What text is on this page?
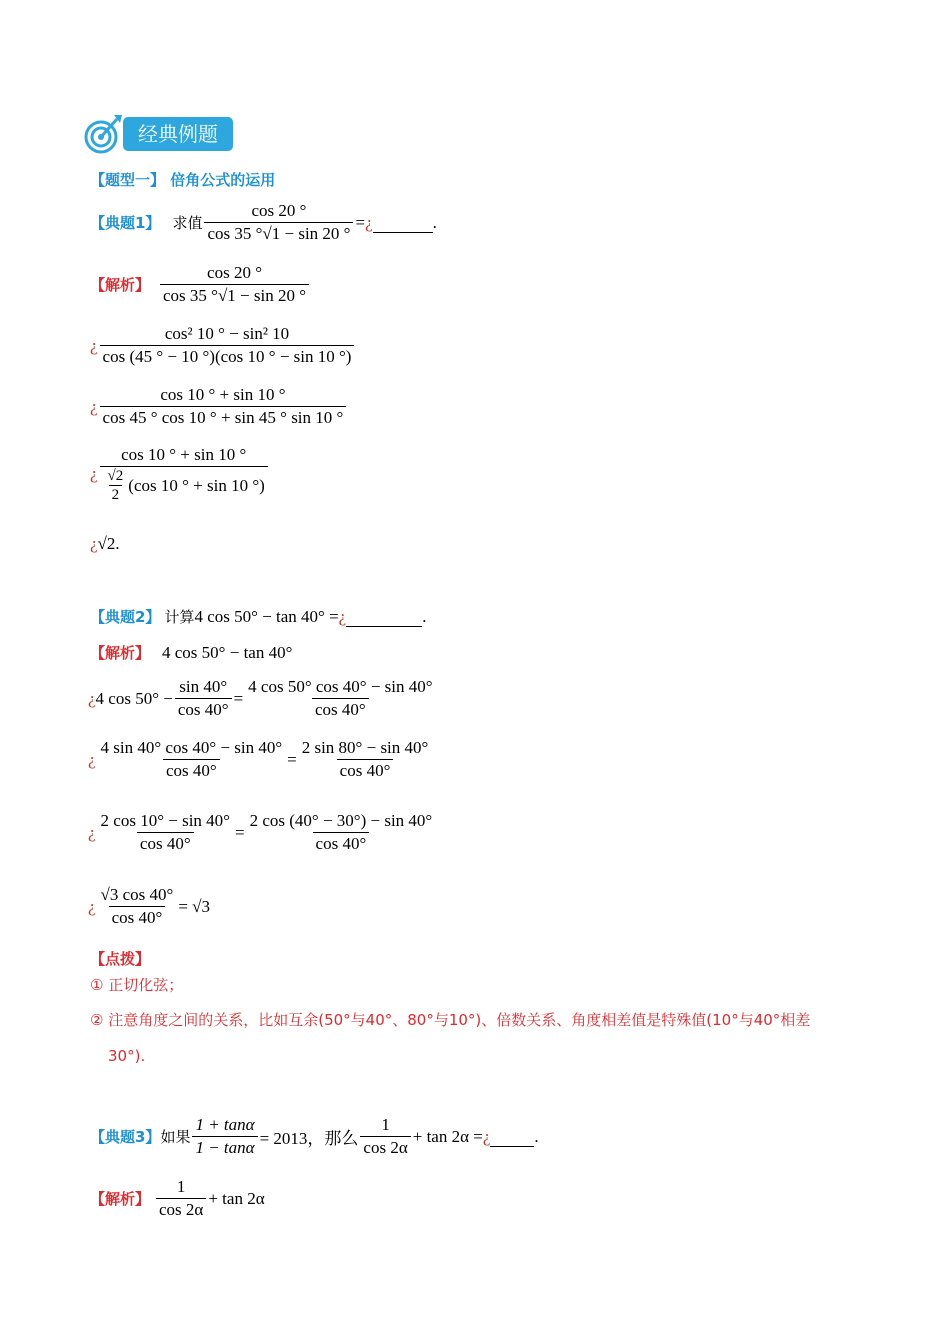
经典例题
【题型一】 倍角公式的运用
【典题1】 求值 $\frac{\cos 20 ^\circ}{\cos 35 ^\circ√1 - \sin 20 ^\circ}$ = ¿	.
【解析】 $\frac{\cos 20 ^\circ}{\cos 35 ^\circ√1 - \sin 20 ^\circ}$
¿ $\frac{\text{cos² 10 ° − sin² 10}}{\cos (45 ^\circ - 10 ^\circ)(\cos 10 ^\circ - \sin 10 ^\circ)}$
¿ $\frac{\cos 10 ^\circ + \sin 10 ^\circ}{\cos 45 ^\circ \cos 10 ^\circ + \sin 45 ^\circ \sin 10 ^\circ}$
¿ $\frac{\cos 10 ^\circ + \sin 10 ^\circ}{\frac{√2}{2} (\cos 10 ^\circ + \sin 10 ^\circ)}$
¿ √2.
【典题2】 计算 4 cos 50° − tan 40° = ¿	.
【解析】 4 cos 50° − tan 40°
¿ 4 $\cos 50^\circ - \frac{\sin 40^\circ}{\cos 40^\circ} = \frac{4 \cos 50^\circ \cos 40^\circ - \sin 40^\circ}{\cos 40^\circ}$
¿ $\frac{4 \sin 40^\circ \cos 40^\circ - \sin 40^\circ}{\cos 40^\circ} = \frac{2 \sin 80^\circ - \sin 40^\circ}{\cos 40^\circ}$
¿ $\frac{2 \cos 10^\circ - \sin 40^\circ}{\cos 40^\circ} = \frac{2 \cos (40^\circ - 30^\circ) - \sin 40^\circ}{\cos 40^\circ}$
¿ $\frac{√3 \cos 40^\circ}{\cos 40^\circ} = √3$
【点拨】
① 正切化弦；
② 注意角度之间的关系，比如互余(50°与40°、80°与10°)、倍数关系、角度相差值是特殊值(10°与40°相差
30°).
【典题3】 如果 $\frac{1 + \tan\alpha}{1 - \tan\alpha} = 2013$，那么 $\frac{1}{\cos 2\alpha} + \tan 2\alpha$ = ¿	.
【解析】 $\frac{1}{\cos 2\alpha} + \tan 2\alpha$
